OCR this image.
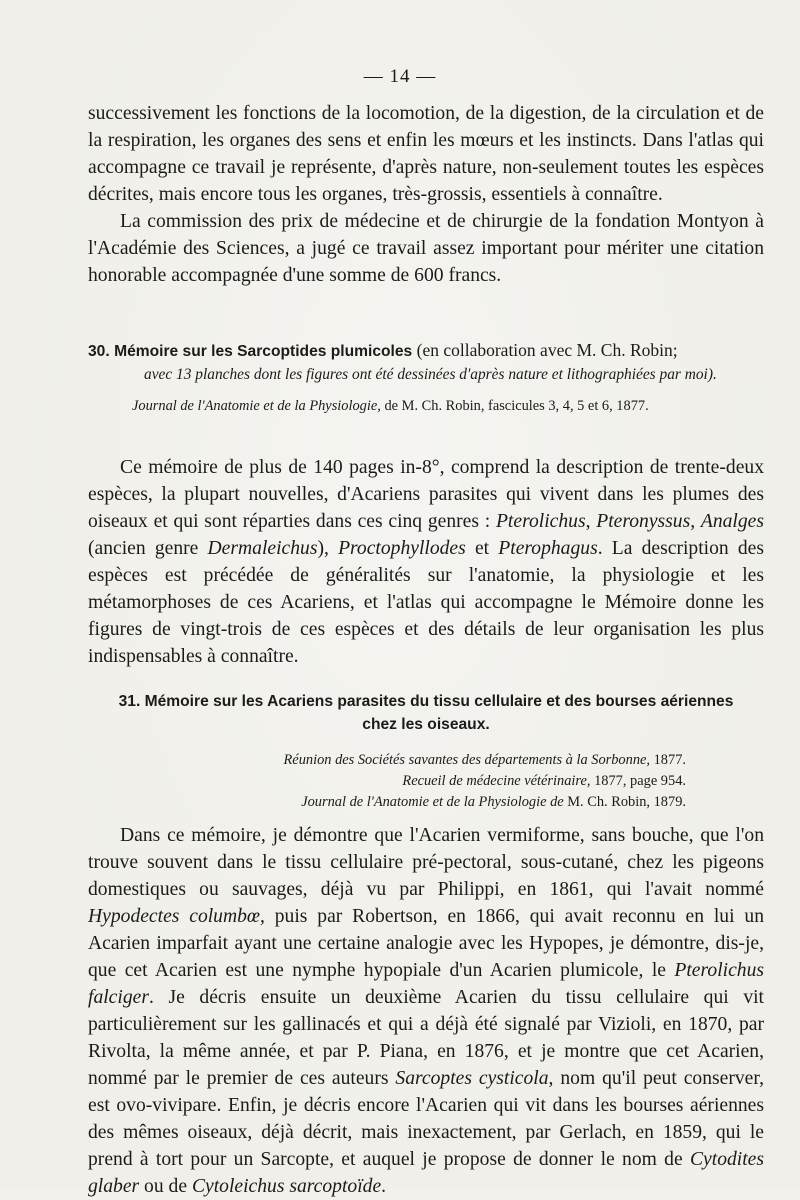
— 14 —

successivement les fonctions de la locomotion, de la digestion, de la circulation et de la respiration, les organes des sens et enfin les mœurs et les instincts. Dans l'atlas qui accompagne ce travail je représente, d'après nature, non-seulement toutes les espèces décrites, mais encore tous les organes, très-grossis, essentiels à connaître.

La commission des prix de médecine et de chirurgie de la fondation Montyon à l'Académie des Sciences, a jugé ce travail assez important pour mériter une citation honorable accompagnée d'une somme de 600 francs.

30. Mémoire sur les Sarcoptides plumicoles (en collaboration avec M. Ch. Robin;
avec 13 planches dont les figures ont été dessinées d'après nature et lithographiées par moi).

Journal de l'Anatomie et de la Physiologie, de M. Ch. Robin, fascicules 3, 4, 5 et 6, 1877.

Ce mémoire de plus de 140 pages in-8°, comprend la description de trente-deux espèces, la plupart nouvelles, d'Acariens parasites qui vivent dans les plumes des oiseaux et qui sont réparties dans ces cinq genres : Pterolichus, Pteronyssus, Analges (ancien genre Dermaleichus), Proctophyllodes et Pterophagus. La description des espèces est précédée de généralités sur l'anatomie, la physiologie et les métamorphoses de ces Acariens, et l'atlas qui accompagne le Mémoire donne les figures de vingt-trois de ces espèces et des détails de leur organisation les plus indispensables à connaître.

31. Mémoire sur les Acariens parasites du tissu cellulaire et des bourses aériennes

chez les oiseaux.

Réunion des Sociétés savantes des départements à la Sorbonne, 1877.

Recueil de médecine vétérinaire, 1877, page 954.

Journal de l'Anatomie et de la Physiologie de M. Ch. Robin, 1879.

Dans ce mémoire, je démontre que l'Acarien vermiforme, sans bouche, que l'on trouve souvent dans le tissu cellulaire pré-pectoral, sous-cutané, chez les pigeons domestiques ou sauvages, déjà vu par Philippi, en 1861, qui l'avait nommé Hypodectes columbœ, puis par Robertson, en 1866, qui avait reconnu en lui un Acarien imparfait ayant une certaine analogie avec les Hypopes, je démontre, dis-je, que cet Acarien est une nymphe hypopiale d'un Acarien plumicole, le Pterolichus falciger. Je décris ensuite un deuxième Acarien du tissu cellulaire qui vit particulièrement sur les gallinacés et qui a déjà été signalé par Vizioli, en 1870, par Rivolta, la même année, et par P. Piana, en 1876, et je montre que cet Acarien, nommé par le premier de ces auteurs Sarcoptes cysticola, nom qu'il peut conserver, est ovo-vivipare. Enfin, je décris encore l'Acarien qui vit dans les bourses aériennes des mêmes oiseaux, déjà décrit, mais inexactement, par Gerlach, en 1859, qui le prend à tort pour un Sarcopte, et auquel je propose de donner le nom de Cytodites glaber ou de Cytoleichus sarcoptoïde.
